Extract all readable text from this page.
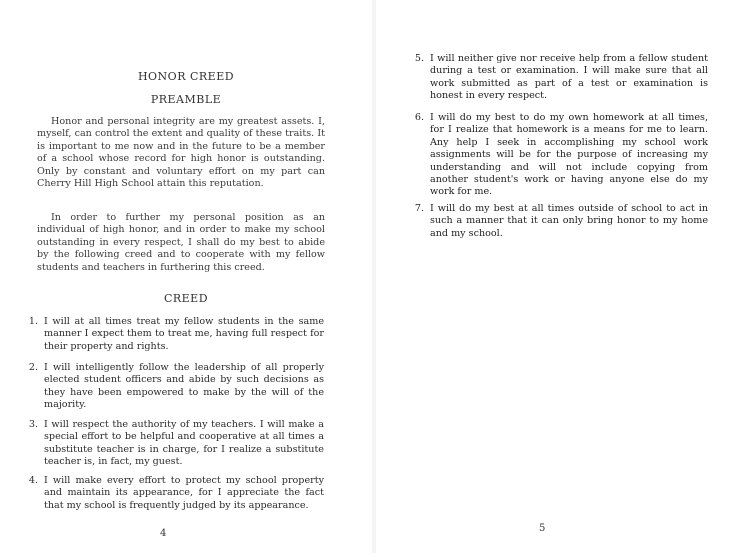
HONOR CREED
PREAMBLE
Honor and personal integrity are my greatest assets. I, myself, can control the extent and quality of these traits. It is important to me now and in the future to be a member of a school whose record for high honor is outstanding. Only by constant and voluntary effort on my part can Cherry Hill High School attain this reputation.
In order to further my personal position as an individual of high honor, and in order to make my school outstanding in every respect, I shall do my best to abide by the following creed and to cooperate with my fellow students and teachers in furthering this creed.
CREED
1. I will at all times treat my fellow students in the same manner I expect them to treat me, having full respect for their property and rights.
2. I will intelligently follow the leadership of all properly elected student officers and abide by such decisions as they have been empowered to make by the will of the majority.
3. I will respect the authority of my teachers. I will make a special effort to be helpful and cooperative at all times a substitute teacher is in charge, for I realize a substitute teacher is, in fact, my guest.
4. I will make every effort to protect my school property and maintain its appearance, for I appreciate the fact that my school is frequently judged by its appearance.
4
5. I will neither give nor receive help from a fellow student during a test or examination. I will make sure that all work submitted as part of a test or examination is honest in every respect.
6. I will do my best to do my own homework at all times, for I realize that homework is a means for me to learn. Any help I seek in accomplishing my school work assignments will be for the purpose of increasing my understanding and will not include copying from another student's work or having anyone else do my work for me.
7. I will do my best at all times outside of school to act in such a manner that it can only bring honor to my home and my school.
5
